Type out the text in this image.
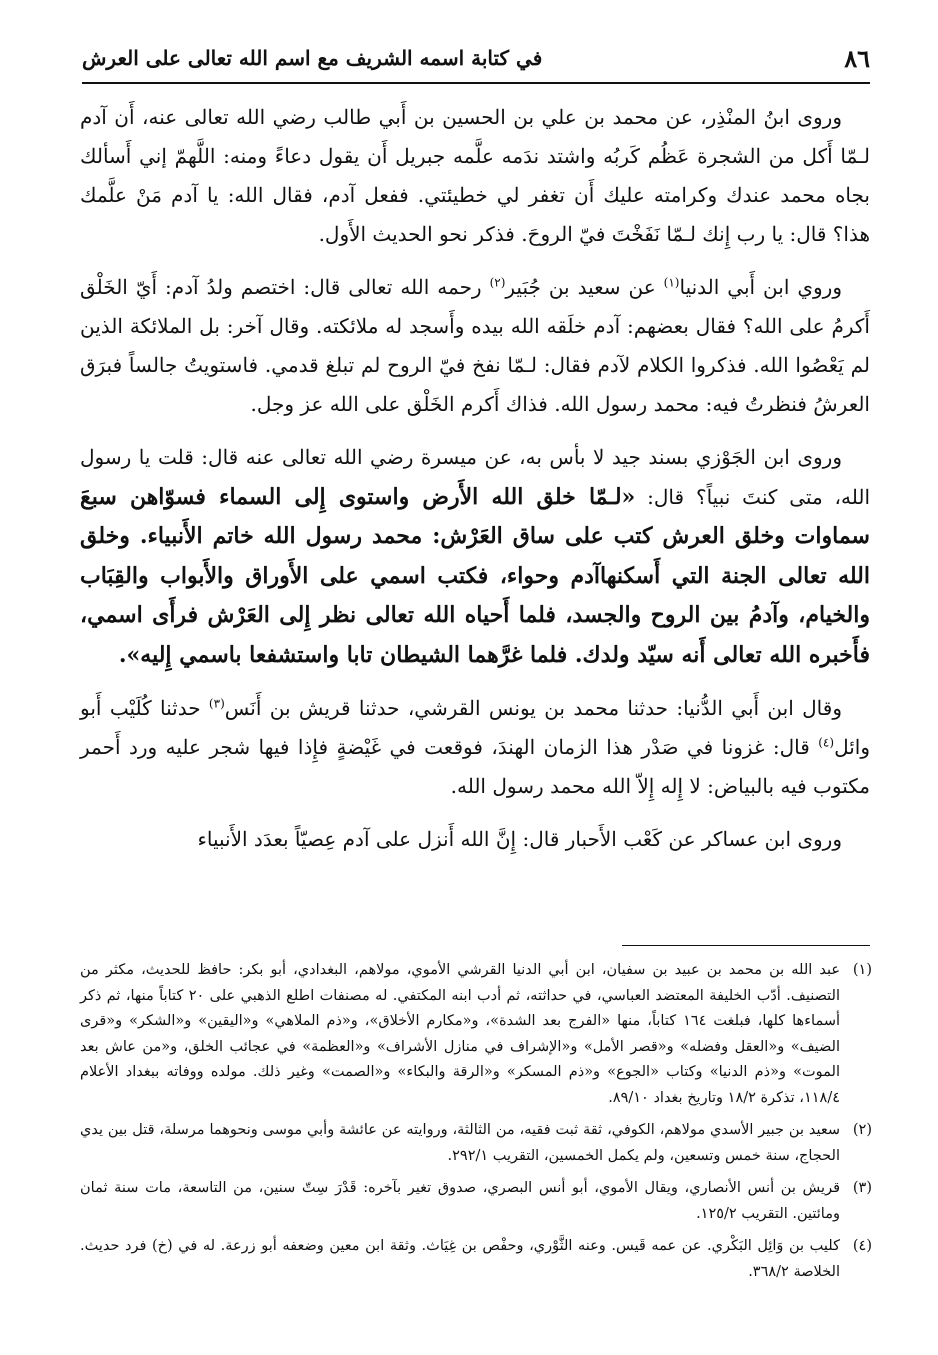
٨٦
في كتابة اسمه الشريف مع اسم الله تعالى على العرش

وروى ابنُ المنْذِر، عن محمد بن علي بن الحسين بن أَبي طالب رضي الله تعالى عنه، أَن آدم لـمّا أَكل من الشجرة عَظُم كَربُه واشتد ندَمه علَّمه جبريل أَن يقول دعاءً ومنه: اللَّهمّ إني أَسألك بجاه محمد عندك وكرامته عليك أَن تغفر لي خطيئتي. ففعل آدم، فقال الله: يا آدم مَنْ علَّمك هذا؟ قال: يا رب إِنك لـمّا نَفَخْتَ فيّ الروحَ. فذكر نحو الحديث الأَول.

وروي ابن أَبي الدنيا$^{(١)}$ عن سعيد بن جُبَير$^{(٢)}$ رحمه الله تعالى قال: اختصم ولدُ آدم: أَيّ الخَلْق أَكرمُ على الله؟ فقال بعضهم: آدم خلَقه الله بيده وأَسجد له ملائكته. وقال آخر: بل الملائكة الذين لم يَعْصُوا الله. فذكروا الكلام لآدم فقال: لـمّا نفخ فيّ الروح لم تبلغ قدمي. فاستويتُ جالساً فبرَق العرشُ فنظرتُ فيه: محمد رسول الله. فذاك أَكرم الخَلْق على الله عز وجل.

وروى ابن الجَوْزي بسند جيد لا بأس به، عن ميسرة رضي الله تعالى عنه قال: قلت يا رسول الله، متى كنتَ نبياً؟ قال: «لـمّا خلق الله الأَرض واستوى إِلى السماء فسوّاهن سبعَ سماوات وخلق العرش كتب على ساق العَرْش: محمد رسول الله خاتم الأَنبياء. وخلق الله تعالى الجنة التي أَسكنهاآدم وحواء، فكتب اسمي على الأَوراق والأَبواب والقِبَاب والخيام، وآدمُ بين الروح والجسد، فلما أَحياه الله تعالى نظر إِلى العَرْش فرأَى اسمي، فأَخبره الله تعالى أَنه سيّد ولدك. فلما غرَّهما الشيطان تابا واستشفعا باسمي إِليه».

وقال ابن أَبي الدُّنيا: حدثنا محمد بن يونس القرشي، حدثنا قريش بن أَنَس$^{(٣)}$ حدثنا كُلَيْب أَبو وائل$^{(٤)}$ قال: غزونا في صَدْر هذا الزمان الهندَ، فوقعت في غَيْضةٍ فإِذا فيها شجر عليه ورد أَحمر مكتوب فيه بالبياض: لا إِله إِلاّ الله محمد رسول الله.

وروى ابن عساكر عن كَعْب الأَحبار قال: إِنَّ الله أَنزل على آدم عِصيّاً بعدَد الأَنبياء

(١)
عبد الله بن محمد بن عبيد بن سفيان، ابن أبي الدنيا القرشي الأموي، مولاهم، البغدادي، أبو بكر: حافظ للحديث، مكثر من التصنيف. أدّب الخليفة المعتضد العباسي، في حداثته، ثم أدب ابنه المكتفي. له مصنفات اطلع الذهبي على ٢٠ كتاباً منها، ثم ذكر أسماءها كلها، فبلغت ١٦٤ كتاباً، منها «الفرج بعد الشدة»، و«مكارم الأخلاق»، و«ذم الملاهي» و«اليقين» و«الشكر» و«قرى الضيف» و«العقل وفضله» و«قصر الأمل» و«الإشراف في منازل الأشراف» و«العظمة» في عجائب الخلق، و«من عاش بعد الموت» و«ذم الدنيا» وكتاب «الجوع» و«ذم المسكر» و«الرقة والبكاء» و«الصمت» وغير ذلك. مولده ووفاته ببغداد الأعلام ١١٨/٤، تذكرة ١٨/٢ وتاريخ بغداد ٨٩/١٠.
(٢)
سعيد بن جبير الأسدي مولاهم، الكوفي، ثقة ثبت فقيه، من الثالثة، وروايته عن عائشة وأبي موسى ونحوهما مرسلة، قتل بين يدي الحجاج، سنة خمس وتسعين، ولم يكمل الخمسين، التقريب ٢٩٢/١.
(٣)
قريش بن أنس الأنصاري، ويقال الأموي، أبو أنس البصري، صدوق تغير بآخره: قَدْرَ سِتّ سنين، من التاسعة، مات سنة ثمان ومائتين. التقريب ١٢٥/٢.
(٤)
كليب بن وَائِل البَكْري. عن عمه قَيس. وعنه الثَّوْري، وحفْص بن غِيَاث. وثقة ابن معين وضعفه أبو زرعة. له في (خ) فرد حديث. الخلاصة ٣٦٨/٢.
